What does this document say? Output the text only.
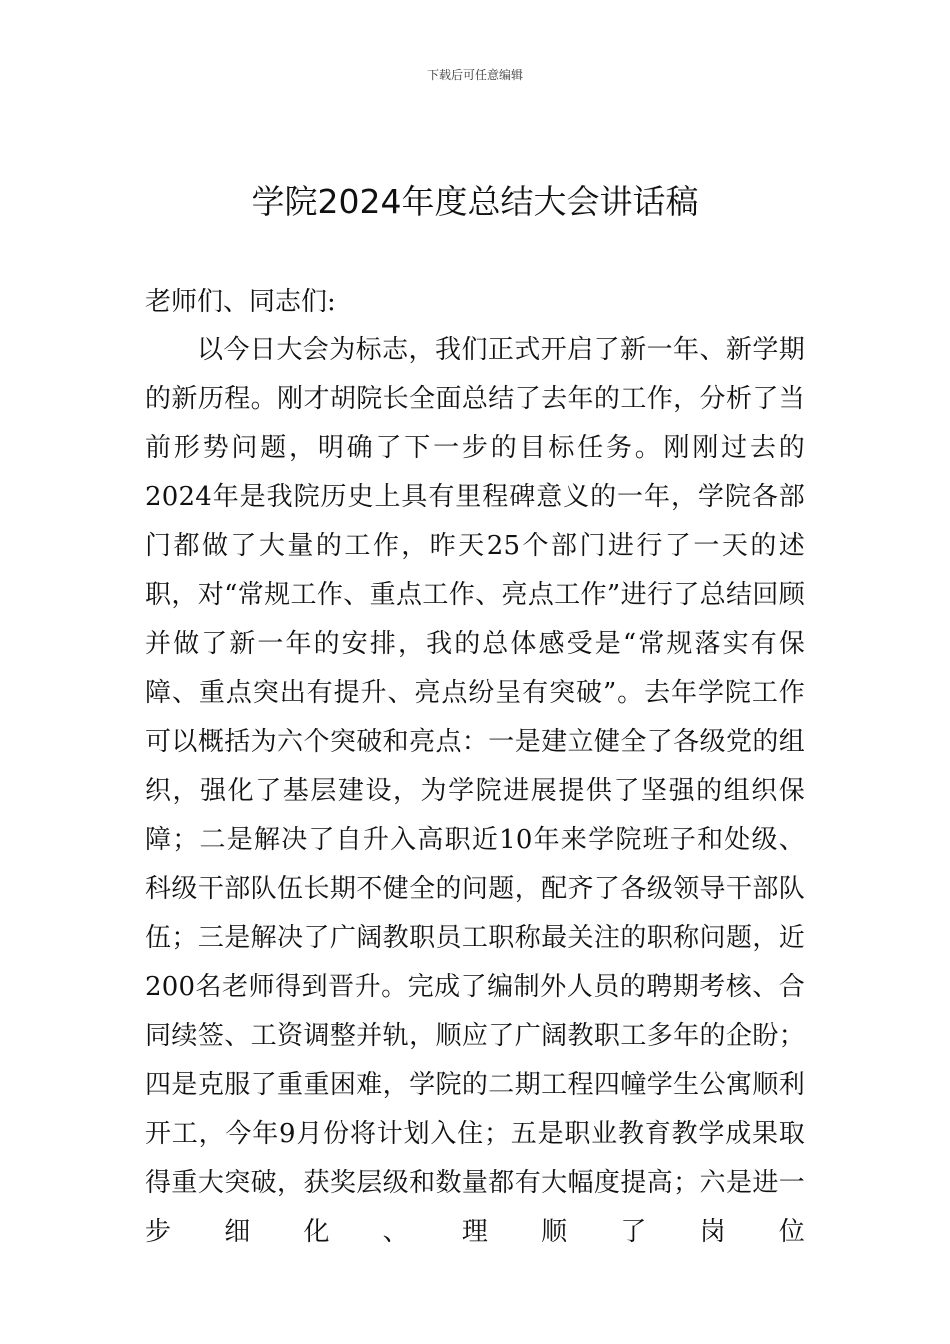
下载后可任意编辑
学院2024年度总结大会讲话稿

老师们、同志们:

以今日大会为标志，我们正式开启了新一年、新学期的新历程。刚才胡院长全面总结了去年的工作，分析了当前形势问题，明确了下一步的目标任务。刚刚过去的2024年是我院历史上具有里程碑意义的一年，学院各部门都做了大量的工作，昨天25个部门进行了一天的述职，对“常规工作、重点工作、亮点工作”进行了总结回顾并做了新一年的安排，我的总体感受是“常规落实有保障、重点突出有提升、亮点纷呈有突破”。去年学院工作可以概括为六个突破和亮点：一是建立健全了各级党的组织，强化了基层建设，为学院进展提供了坚强的组织保障；二是解决了自升入高职近10年来学院班子和处级、科级干部队伍长期不健全的问题，配齐了各级领导干部队伍；三是解决了广阔教职员工职称最关注的职称问题，近200名老师得到晋升。完成了编制外人员的聘期考核、合同续签、工资调整并轨，顺应了广阔教职工多年的企盼；四是克服了重重困难，学院的二期工程四幢学生公寓顺利开工，今年9月份将计划入住；五是职业教育教学成果取得重大突破，获奖层级和数量都有大幅度提高；六是进一步细化、理顺了岗位
